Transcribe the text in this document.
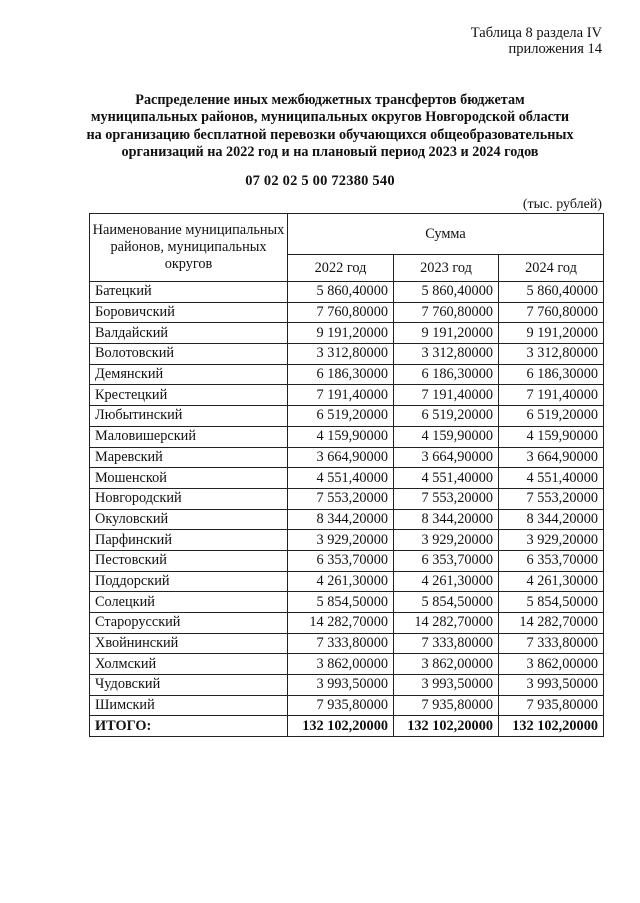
Таблица 8 раздела IV
приложения 14
Распределение иных межбюджетных трансфертов бюджетам
муниципальных районов, муниципальных округов Новгородской области
на организацию бесплатной перевозки обучающихся общеобразовательных
организаций на 2022 год и на плановый период 2023 и 2024 годов
07 02 02 5 00 72380 540
(тыс. рублей)
Наименование муниципальных районов, муниципальных округов	Сумма		
	2022 год	2023 год	2024 год
Батецкий	5 860,40000	5 860,40000	5 860,40000
Боровичский	7 760,80000	7 760,80000	7 760,80000
Валдайский	9 191,20000	9 191,20000	9 191,20000
Волотовский	3 312,80000	3 312,80000	3 312,80000
Демянский	6 186,30000	6 186,30000	6 186,30000
Крестецкий	7 191,40000	7 191,40000	7 191,40000
Любытинский	6 519,20000	6 519,20000	6 519,20000
Маловишерский	4 159,90000	4 159,90000	4 159,90000
Маревский	3 664,90000	3 664,90000	3 664,90000
Мошенской	4 551,40000	4 551,40000	4 551,40000
Новгородский	7 553,20000	7 553,20000	7 553,20000
Окуловский	8 344,20000	8 344,20000	8 344,20000
Парфинский	3 929,20000	3 929,20000	3 929,20000
Пестовский	6 353,70000	6 353,70000	6 353,70000
Поддорский	4 261,30000	4 261,30000	4 261,30000
Солецкий	5 854,50000	5 854,50000	5 854,50000
Старорусский	14 282,70000	14 282,70000	14 282,70000
Хвойнинский	7 333,80000	7 333,80000	7 333,80000
Холмский	3 862,00000	3 862,00000	3 862,00000
Чудовский	3 993,50000	3 993,50000	3 993,50000
Шимский	7 935,80000	7 935,80000	7 935,80000
ИТОГО:	132 102,20000	132 102,20000	132 102,20000
